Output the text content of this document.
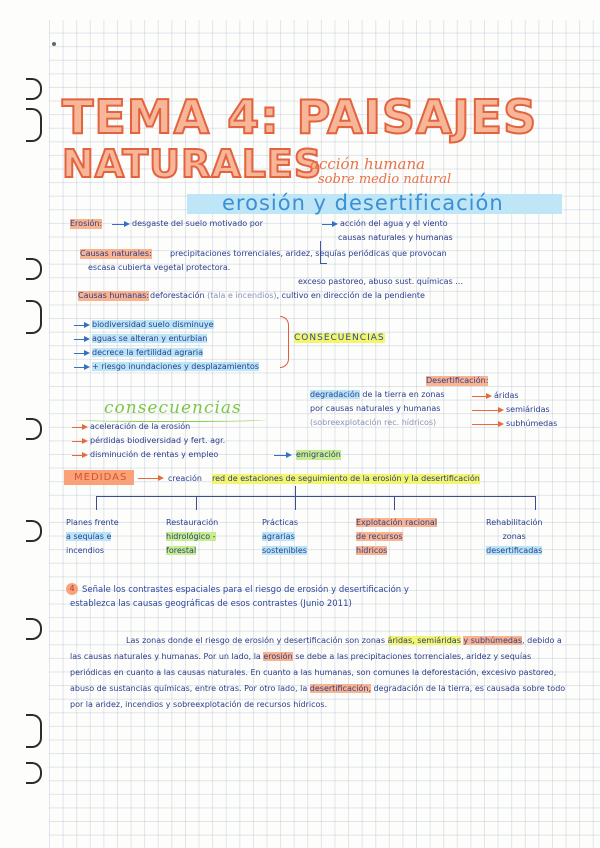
TEMA 4: PAISAJES
NATURALES
acción humana
sobre medio natural
erosión y desertificación
Erosión:	desgaste del suelo motivado por	acción del agua y el viento
causas naturales y humanas
Causas naturales: precipitaciones torrenciales, aridez, sequías periódicas que provocan
escasa cubierta vegetal protectora.
exceso pastoreo, abuso sust. químicas …
Causas humanas: deforestación (tala e incendios), cultivo en dirección de la pendiente
biodiversidad suelo disminuye
aguas se alteran y enturbian
decrece la fertilidad agraria
+ riesgo inundaciones y desplazamientos
CONSECUENCIAS
Desertificación:
degradación de la tierra en zonas
por causas naturales y humanas
(sobreexplotación rec. hídricos)
áridas
semiáridas
subhúmedas
consecuencias
aceleración de la erosión
pérdidas biodiversidad y fert. agr.
disminución de rentas y empleo	emigración
MEDIDAS	creación red de estaciones de seguimiento de la erosión y la desertificación
Planes frente
a sequías e
incendios
Restauración
hidrológico -
forestal
Prácticas
agrarias
sostenibles
Explotación racional
de recursos
hídricos
Rehabilitación
zonas
desertificadas
4 Señale los contrastes espaciales para el riesgo de erosión y desertificación y
establezca las causas geográficas de esos contrastes (Junio 2011)
Las zonas donde el riesgo de erosión y desertificación son zonas áridas, semiáridas y subhúmedas, debido a las causas naturales y humanas. Por un lado, la erosión se debe a las precipitaciones torrenciales, aridez y sequías periódicas en cuanto a las causas naturales. En cuanto a las humanas, son comunes la deforestación, excesivo pastoreo, abuso de sustancias químicas, entre otras. Por otro lado, la desertificación, degradación de la tierra, es causada sobre todo por la aridez, incendios y sobreexplotación de recursos hídricos.
